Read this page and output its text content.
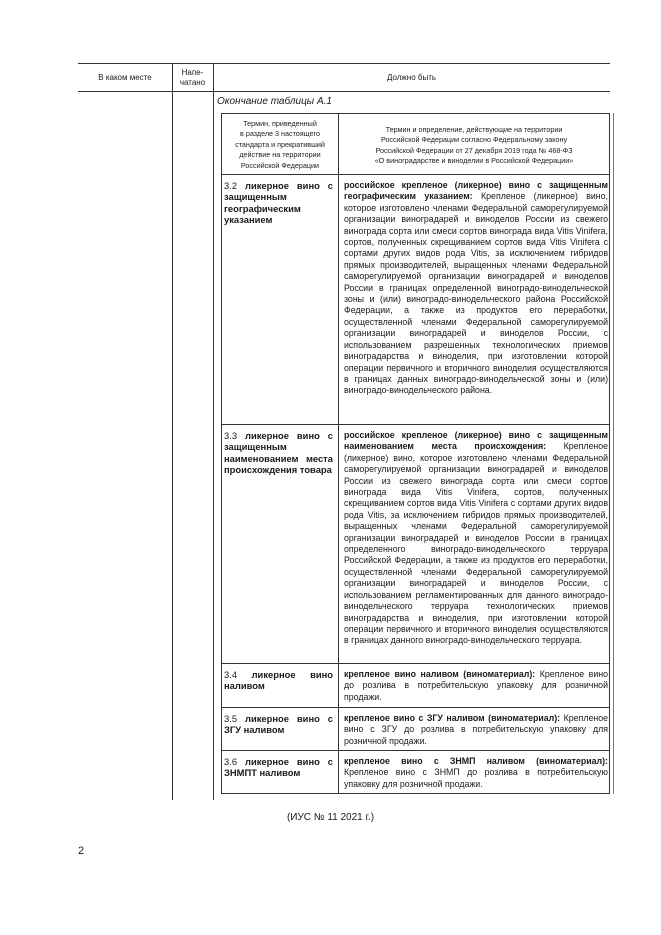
В каком месте
Напе-
чатано
Должно быть
Окончание таблицы А.1
Термин, приведенный
в разделе 3 настоящего
стандарта и прекративший
действие на территории
Российской Федерации
Термин и определение, действующие на территории
Российской Федерации согласно Федеральному закону
Российской Федерации от 27 декабря 2019 года № 468-ФЗ
«О виноградарстве и виноделии в Российской Федерации»
3.2 ликерное вино с защищенным географическим указанием
российское крепленое (ликерное) вино с защищенным географическим указанием: Крепленое (ликерное) вино, которое изготовлено членами Федеральной саморегулируемой организации виноградарей и виноделов России из свежего винограда сорта или смеси сортов винограда вида Vitis Vinifera, сортов, полученных скрещиванием сортов вида Vitis Vinifera с сортами других видов рода Vitis, за исключением гибридов прямых производителей, выращенных членами Федеральной саморегулируемой организации виноградарей и виноделов России в границах определенной виноградо-винодельческой зоны и (или) виноградо-винодельческого района Российской Федерации, а также из продуктов его переработки, осуществленной членами Федеральной саморегулируемой организации виноградарей и виноделов России, с использованием разрешенных технологических приемов виноградарства и виноделия, при изготовлении которой операции первичного и вторичного виноделия осуществляются в границах данных виноградо-винодельческой зоны и (или) виноградо-винодельческого района.
3.3 ликерное вино с защищенным наименованием места происхождения товара
российское крепленое (ликерное) вино с защищенным наименованием места происхождения: Крепленое (ликерное) вино, которое изготовлено членами Федеральной саморегулируемой организации виноградарей и виноделов России из свежего винограда сорта или смеси сортов винограда вида Vitis Vinifera, сортов, полученных скрещиванием сортов вида Vitis Vinifera с сортами других видов рода Vitis, за исключением гибридов прямых производителей, выращенных членами Федеральной саморегулируемой организации виноградарей и виноделов России в границах определенного виноградо-винодельческого терруара Российской Федерации, а также из продуктов его переработки, осуществленной членами Федеральной саморегулируемой организации виноградарей и виноделов России, с использованием регламентированных для данного виноградо-винодельческого терруара технологических приемов виноградарства и виноделия, при изготовлении которой операции первичного и вторичного виноделия осуществляются в границах данного виноградо-винодельческого терруара.
3.4 ликерное вино наливом
крепленое вино наливом (виноматериал): Крепленое вино до розлива в потребительскую упаковку для розничной продажи.
3.5 ликерное вино с ЗГУ наливом
крепленое вино с ЗГУ наливом (виноматериал): Крепленое вино с ЗГУ до розлива в потребительскую упаковку для розничной продажи.
3.6 ликерное вино с ЗНМПТ наливом
крепленое вино с ЗНМП наливом (виноматериал): Крепленое вино с ЗНМП до розлива в потребительскую упаковку для розничной продажи.
(ИУС № 11 2021 г.)
2
